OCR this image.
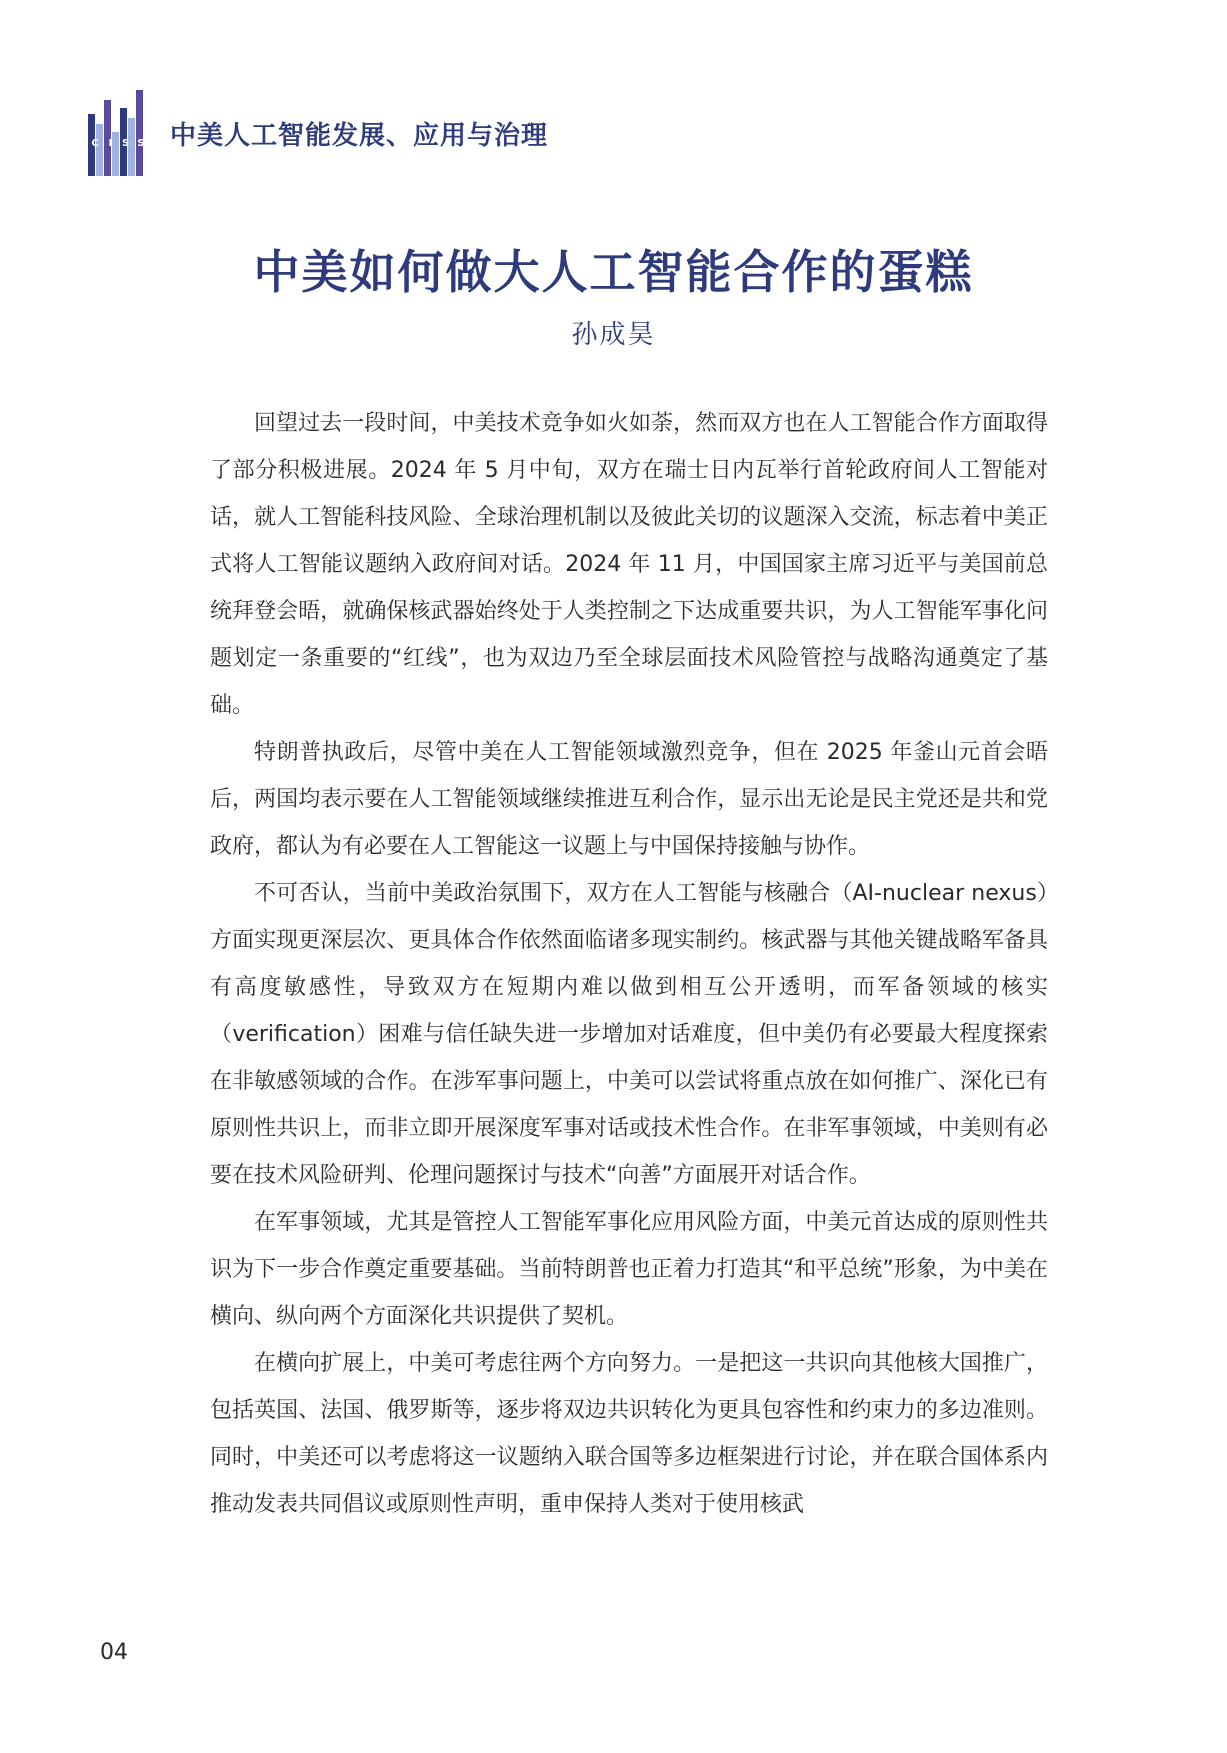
C I S S 中美人工智能发展、应用与治理
中美如何做大人工智能合作的蛋糕
孙成昊

回望过去一段时间，中美技术竞争如火如荼，然而双方也在人工智能合作方面取得了部分积极进展。2024 年 5 月中旬，双方在瑞士日内瓦举行首轮政府间人工智能对话，就人工智能科技风险、全球治理机制以及彼此关切的议题深入交流，标志着中美正式将人工智能议题纳入政府间对话。2024 年 11 月，中国国家主席习近平与美国前总统拜登会晤，就确保核武器始终处于人类控制之下达成重要共识，为人工智能军事化问题划定一条重要的“红线”，也为双边乃至全球层面技术风险管控与战略沟通奠定了基础。

特朗普执政后，尽管中美在人工智能领域激烈竞争，但在 2025 年釜山元首会晤后，两国均表示要在人工智能领域继续推进互利合作，显示出无论是民主党还是共和党政府，都认为有必要在人工智能这一议题上与中国保持接触与协作。

不可否认，当前中美政治氛围下，双方在人工智能与核融合（AI-nuclear nexus）方面实现更深层次、更具体合作依然面临诸多现实制约。核武器与其他关键战略军备具有高度敏感性，导致双方在短期内难以做到相互公开透明，而军备领域的核实（verification）困难与信任缺失进一步增加对话难度，但中美仍有必要最大程度探索在非敏感领域的合作。在涉军事问题上，中美可以尝试将重点放在如何推广、深化已有原则性共识上，而非立即开展深度军事对话或技术性合作。在非军事领域，中美则有必要在技术风险研判、伦理问题探讨与技术“向善”方面展开对话合作。

在军事领域，尤其是管控人工智能军事化应用风险方面，中美元首达成的原则性共识为下一步合作奠定重要基础。当前特朗普也正着力打造其“和平总统”形象，为中美在横向、纵向两个方面深化共识提供了契机。

在横向扩展上，中美可考虑往两个方向努力。一是把这一共识向其他核大国推广，包括英国、法国、俄罗斯等，逐步将双边共识转化为更具包容性和约束力的多边准则。同时，中美还可以考虑将这一议题纳入联合国等多边框架进行讨论，并在联合国体系内推动发表共同倡议或原则性声明，重申保持人类对于使用核武

04
